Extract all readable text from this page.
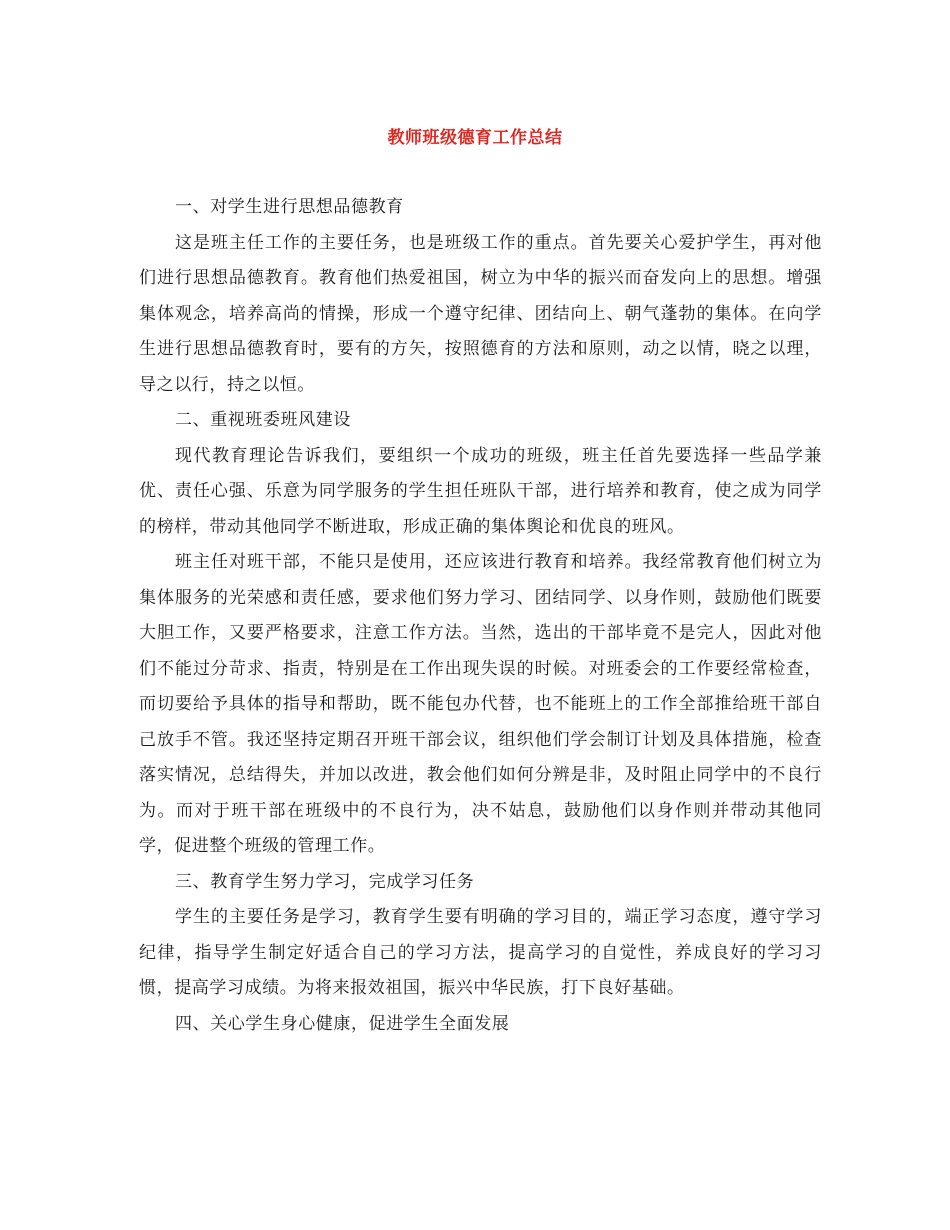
教师班级德育工作总结

一、对学生进行思想品德教育

这是班主任工作的主要任务，也是班级工作的重点。首先要关心爱护学生，再对他们进行思想品德教育。教育他们热爱祖国，树立为中华的振兴而奋发向上的思想。增强集体观念，培养高尚的情操，形成一个遵守纪律、团结向上、朝气蓬勃的集体。在向学生进行思想品德教育时，要有的方矢，按照德育的方法和原则，动之以情，晓之以理，导之以行，持之以恒。

二、重视班委班风建设

现代教育理论告诉我们，要组织一个成功的班级，班主任首先要选择一些品学兼优、责任心强、乐意为同学服务的学生担任班队干部，进行培养和教育，使之成为同学的榜样，带动其他同学不断进取，形成正确的集体舆论和优良的班风。

班主任对班干部，不能只是使用，还应该进行教育和培养。我经常教育他们树立为集体服务的光荣感和责任感，要求他们努力学习、团结同学、以身作则，鼓励他们既要大胆工作，又要严格要求，注意工作方法。当然，选出的干部毕竟不是完人，因此对他们不能过分苛求、指责，特别是在工作出现失误的时候。对班委会的工作要经常检查，而切要给予具体的指导和帮助，既不能包办代替，也不能班上的工作全部推给班干部自己放手不管。我还坚持定期召开班干部会议，组织他们学会制订计划及具体措施，检查落实情况，总结得失，并加以改进，教会他们如何分辨是非，及时阻止同学中的不良行为。而对于班干部在班级中的不良行为，决不姑息，鼓励他们以身作则并带动其他同学，促进整个班级的管理工作。

三、教育学生努力学习，完成学习任务

学生的主要任务是学习，教育学生要有明确的学习目的，端正学习态度，遵守学习纪律，指导学生制定好适合自己的学习方法，提高学习的自觉性，养成良好的学习习惯，提高学习成绩。为将来报效祖国，振兴中华民族，打下良好基础。

四、关心学生身心健康，促进学生全面发展
